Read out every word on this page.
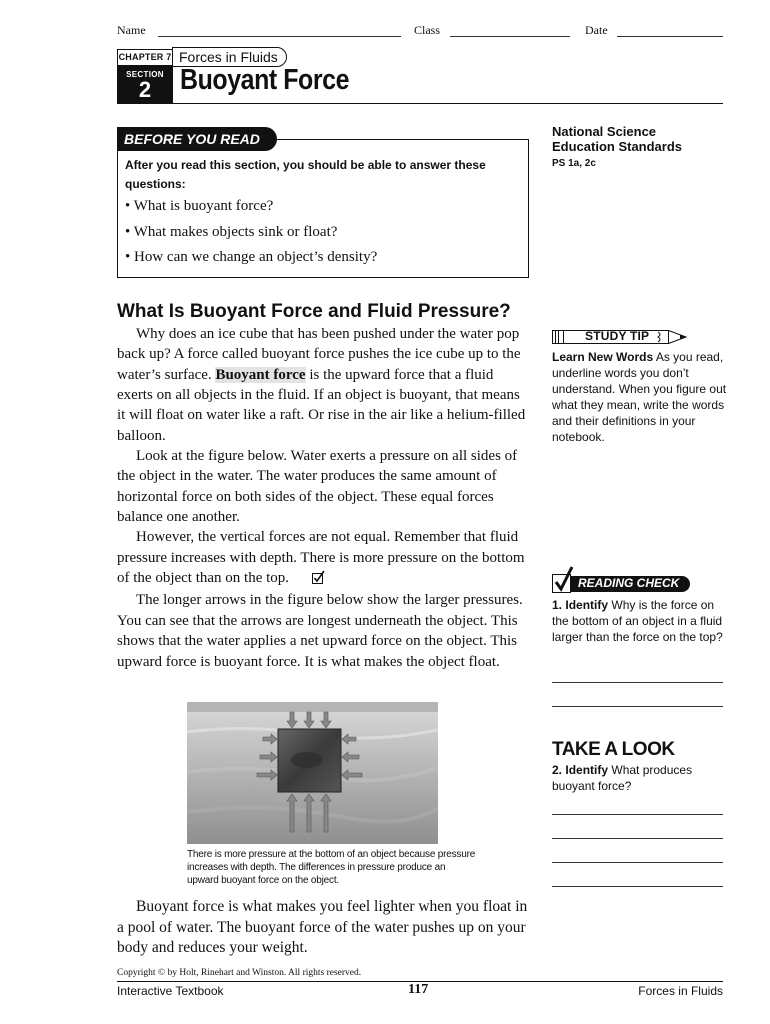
Name	Class	Date
CHAPTER 7 Forces in Fluids
SECTION
2 Buoyant Force
BEFORE YOU READ
After you read this section, you should be able to answer these questions:
• What is buoyant force?
• What makes objects sink or float?
• How can we change an object’s density?
National Science Education Standards
PS 1a, 2c
What Is Buoyant Force and Fluid Pressure?

Why does an ice cube that has been pushed under the water pop back up? A force called buoyant force pushes the ice cube up to the water’s surface. Buoyant force is the upward force that a fluid exerts on all objects in the fluid. If an object is buoyant, that means it will float on water like a raft. Or rise in the air like a helium-filled balloon.

Look at the figure below. Water exerts a pressure on all sides of the object in the water. The water produces the same amount of horizontal force on both sides of the object. These equal forces balance one another.

However, the vertical forces are not equal. Remember that fluid pressure increases with depth. There is more pressure on the bottom of the object than on the top.

The longer arrows in the figure below show the larger pressures. You can see that the arrows are longest underneath the object. This shows that the water applies a net upward force on the object. This upward force is buoyant force. It is what makes the object float.

STUDY TIP
Learn New Words As you read, underline words you don’t understand. When you figure out what they mean, write the words and their definitions in your notebook.
READING CHECK
1. Identify Why is the force on the bottom of an object in a fluid larger than the force on the top?
TAKE A LOOK
2. Identify What produces buoyant force?
There is more pressure at the bottom of an object because pressure increases with depth. The differences in pressure produce an upward buoyant force on the object.

Buoyant force is what makes you feel lighter when you float in a pool of water. The buoyant force of the water pushes up on your body and reduces your weight.

Copyright © by Holt, Rinehart and Winston. All rights reserved.
Interactive Textbook	117	Forces in Fluids
